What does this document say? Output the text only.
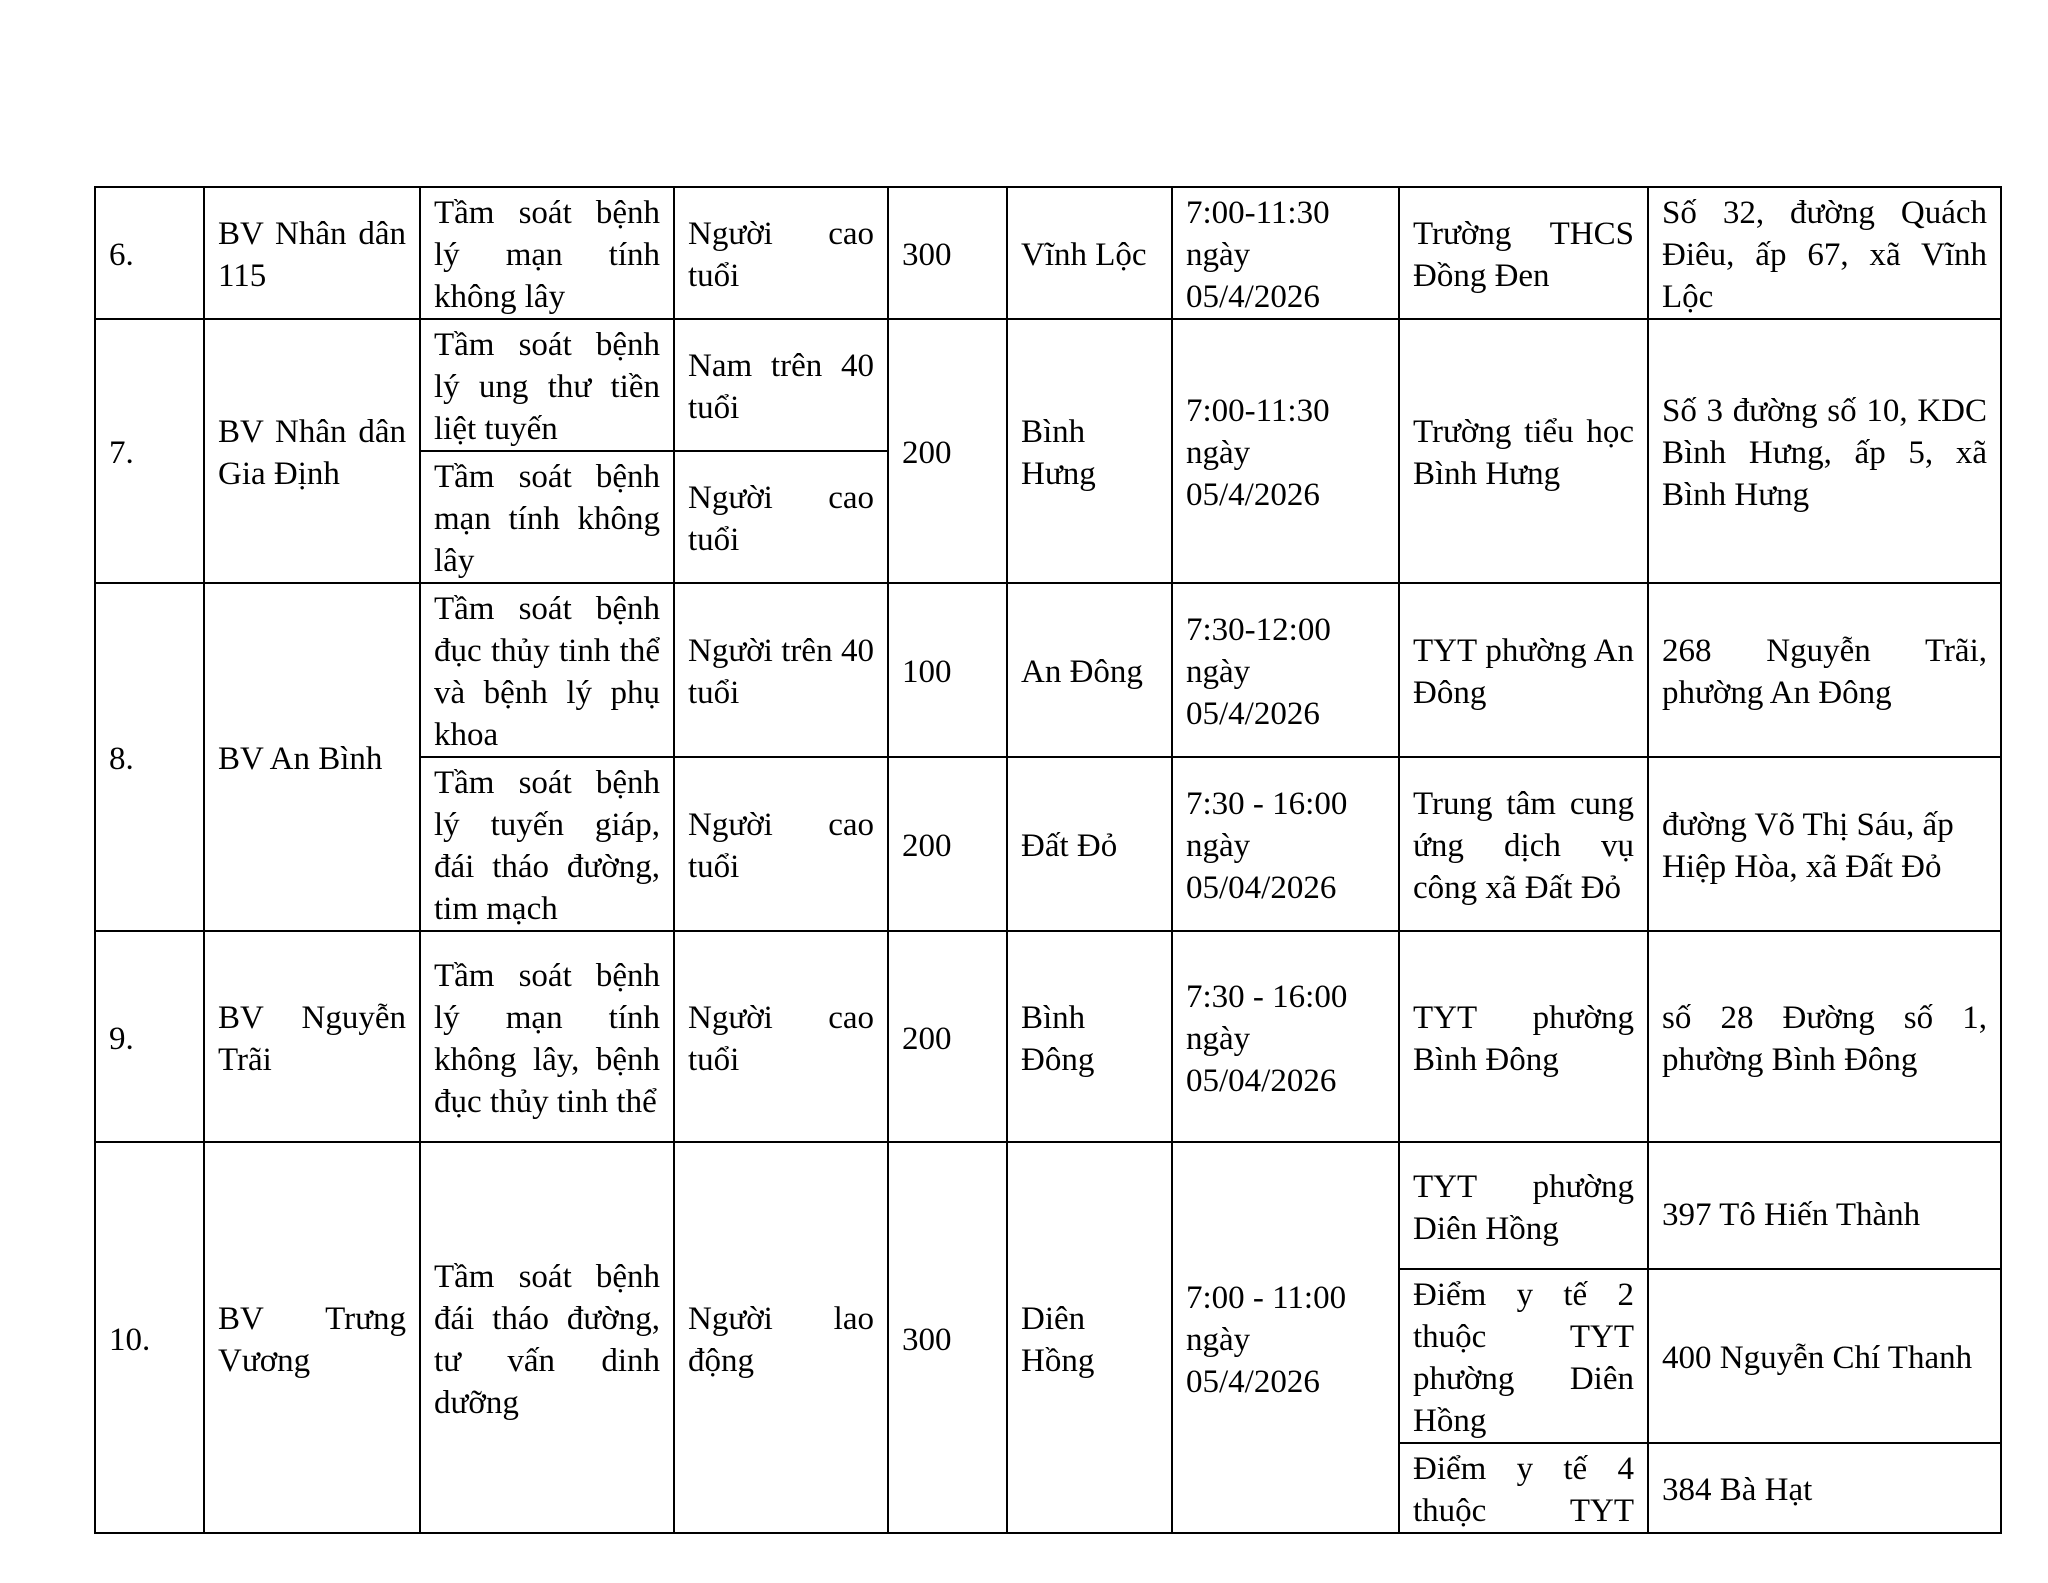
6.	BV Nhân dân 115	Tầm soát bệnh lý mạn tính không lây	Người cao tuổi	300	Vĩnh Lộc	7:00-11:30 ngày 05/4/2026	Trường THCS Đồng Đen	Số 32, đường Quách Điêu, ấp 67, xã Vĩnh Lộc
7.	BV Nhân dân Gia Định	Tầm soát bệnh lý ung thư tiền liệt tuyến	Nam trên 40 tuổi	200	Bình Hưng	7:00-11:30 ngày 05/4/2026	Trường tiểu học Bình Hưng	Số 3 đường số 10, KDC Bình Hưng, ấp 5, xã Bình Hưng
		Tầm soát bệnh mạn tính không lây	Người cao tuổi					
8.	BV An Bình	Tầm soát bệnh đục thủy tinh thể và bệnh lý phụ khoa	Người trên 40 tuổi	100	An Đông	7:30-12:00 ngày 05/4/2026	TYT phường An Đông	268 Nguyễn Trãi, phường An Đông
		Tầm soát bệnh lý tuyến giáp, đái tháo đường, tim mạch	Người cao tuổi	200	Đất Đỏ	7:30 - 16:00 ngày 05/04/2026	Trung tâm cung ứng dịch vụ công xã Đất Đỏ	đường Võ Thị Sáu, ấp Hiệp Hòa, xã Đất Đỏ
9.	BV Nguyễn Trãi	Tầm soát bệnh lý mạn tính không lây, bệnh đục thủy tinh thể	Người cao tuổi	200	Bình Đông	7:30 - 16:00 ngày 05/04/2026	TYT phường Bình Đông	số 28 Đường số 1, phường Bình Đông
10.	BV Trưng Vương	Tầm soát bệnh đái tháo đường, tư vấn dinh dưỡng	Người lao động	300	Diên Hồng	7:00 - 11:00 ngày 05/4/2026	TYT phường Diên Hồng	397 Tô Hiến Thành
							Điểm y tế 2 thuộc TYT phường Diên Hồng	400 Nguyễn Chí Thanh
							Điểm y tế 4 thuộc TYT	384 Bà Hạt
